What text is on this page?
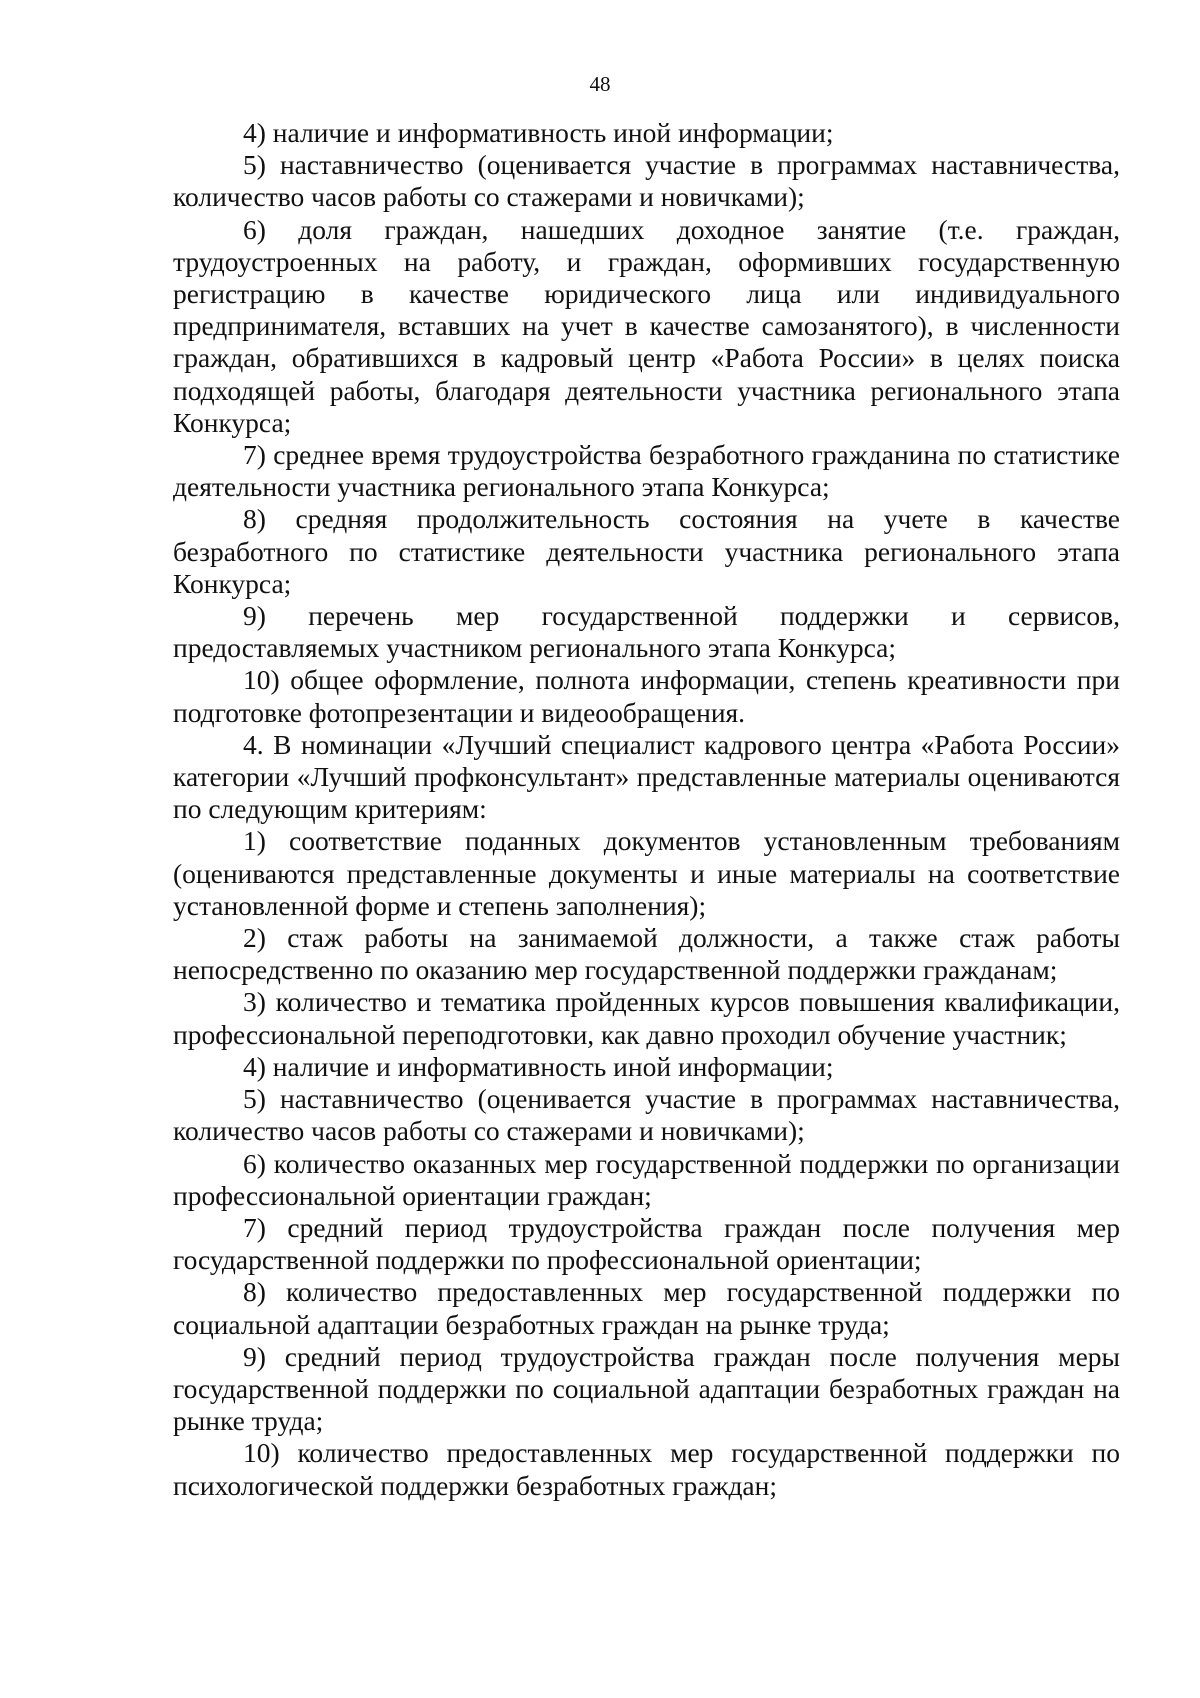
48

4) наличие и информативность иной информации;

5) наставничество (оценивается участие в программах наставничества, количество часов работы со стажерами и новичками);

6) доля граждан, нашедших доходное занятие (т.е. граждан, трудоустроенных на работу, и граждан, оформивших государственную регистрацию в качестве юридического лица или индивидуального предпринимателя, вставших на учет в качестве самозанятого), в численности граждан, обратившихся в кадровый центр «Работа России» в целях поиска подходящей работы, благодаря деятельности участника регионального этапа Конкурса;

7) среднее время трудоустройства безработного гражданина по статистике деятельности участника регионального этапа Конкурса;

8) средняя продолжительность состояния на учете в качестве безработного по статистике деятельности участника регионального этапа Конкурса;

9) перечень мер государственной поддержки и сервисов, предоставляемых участником регионального этапа Конкурса;

10) общее оформление, полнота информации, степень креативности при подготовке фотопрезентации и видеообращения.

4. В номинации «Лучший специалист кадрового центра «Работа России» категории «Лучший профконсультант» представленные материалы оцениваются по следующим критериям:

1) соответствие поданных документов установленным требованиям (оцениваются представленные документы и иные материалы на соответствие установленной форме и степень заполнения);

2) стаж работы на занимаемой должности, а также стаж работы непосредственно по оказанию мер государственной поддержки гражданам;

3) количество и тематика пройденных курсов повышения квалификации, профессиональной переподготовки, как давно проходил обучение участник;

4) наличие и информативность иной информации;

5) наставничество (оценивается участие в программах наставничества, количество часов работы со стажерами и новичками);

6) количество оказанных мер государственной поддержки по организации профессиональной ориентации граждан;

7) средний период трудоустройства граждан после получения мер государственной поддержки по профессиональной ориентации;

8) количество предоставленных мер государственной поддержки по социальной адаптации безработных граждан на рынке труда;

9) средний период трудоустройства граждан после получения меры государственной поддержки по социальной адаптации безработных граждан на рынке труда;

10) количество предоставленных мер государственной поддержки по психологической поддержки безработных граждан;
